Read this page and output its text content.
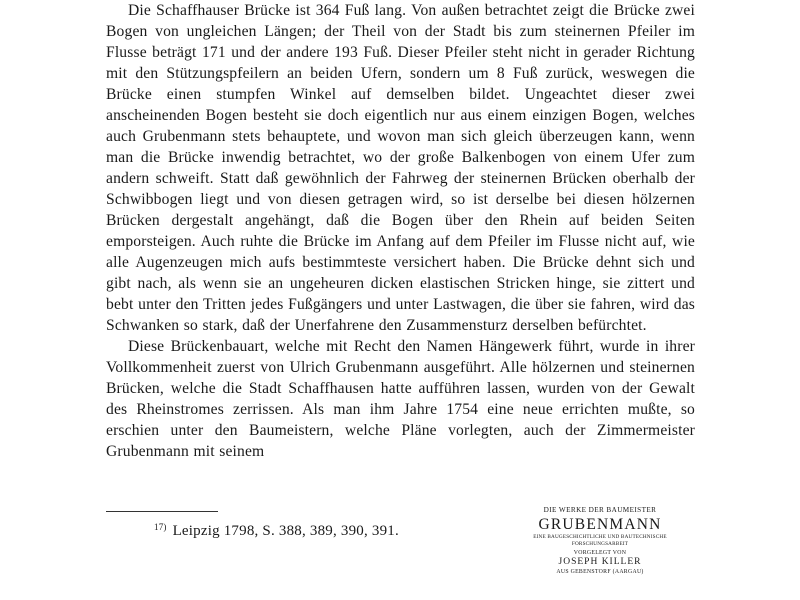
Die Schaffhauser Brücke ist 364 Fuß lang. Von außen betrachtet zeigt die Brücke zwei Bogen von ungleichen Längen; der Theil von der Stadt bis zum steinernen Pfeiler im Flusse beträgt 171 und der andere 193 Fuß. Dieser Pfeiler steht nicht in gerader Richtung mit den Stützungspfeilern an beiden Ufern, sondern um 8 Fuß zurück, weswegen die Brücke einen stumpfen Winkel auf demselben bildet. Ungeachtet dieser zwei anscheinenden Bogen besteht sie doch eigentlich nur aus einem einzigen Bogen, welches auch Grubenmann stets behauptete, und wovon man sich gleich überzeugen kann, wenn man die Brücke inwendig betrachtet, wo der große Balkenbogen von einem Ufer zum andern schweift. Statt daß gewöhnlich der Fahrweg der steinernen Brücken oberhalb der Schwibbogen liegt und von diesen getragen wird, so ist derselbe bei diesen hölzernen Brücken dergestalt angehängt, daß die Bogen über den Rhein auf beiden Seiten emporsteigen. Auch ruhte die Brücke im Anfang auf dem Pfeiler im Flusse nicht auf, wie alle Augenzeugen mich aufs bestimmteste versichert haben. Die Brücke dehnt sich und gibt nach, als wenn sie an ungeheuren dicken elastischen Stricken hinge, sie zittert und bebt unter den Tritten jedes Fußgängers und unter Lastwagen, die über sie fahren, wird das Schwanken so stark, daß der Unerfahrene den Zusammensturz derselben befürchtet.

Diese Brückenbauart, welche mit Recht den Namen Hängewerk führt, wurde in ihrer Vollkommenheit zuerst von Ulrich Grubenmann ausgeführt. Alle hölzernen und steinernen Brücken, welche die Stadt Schaffhausen hatte aufführen lassen, wurden von der Gewalt des Rheinstromes zerrissen. Als man ihm Jahre 1754 eine neue errichten mußte, so erschien unter den Baumeistern, welche Pläne vorlegten, auch der Zimmermeister Grubenmann mit seinem

$^{17)}$ Leipzig 1798, S. 388, 389, 390, 391.
DIE WERKE DER BAUMEISTER
GRUBENMANN
EINE BAUGESCHICHTLICHE UND BAUTECHNISCHE
FORSCHUNGSARBEIT
VORGELEGT VON
JOSEPH KILLER
AUS GEBENSTORF (AARGAU)
